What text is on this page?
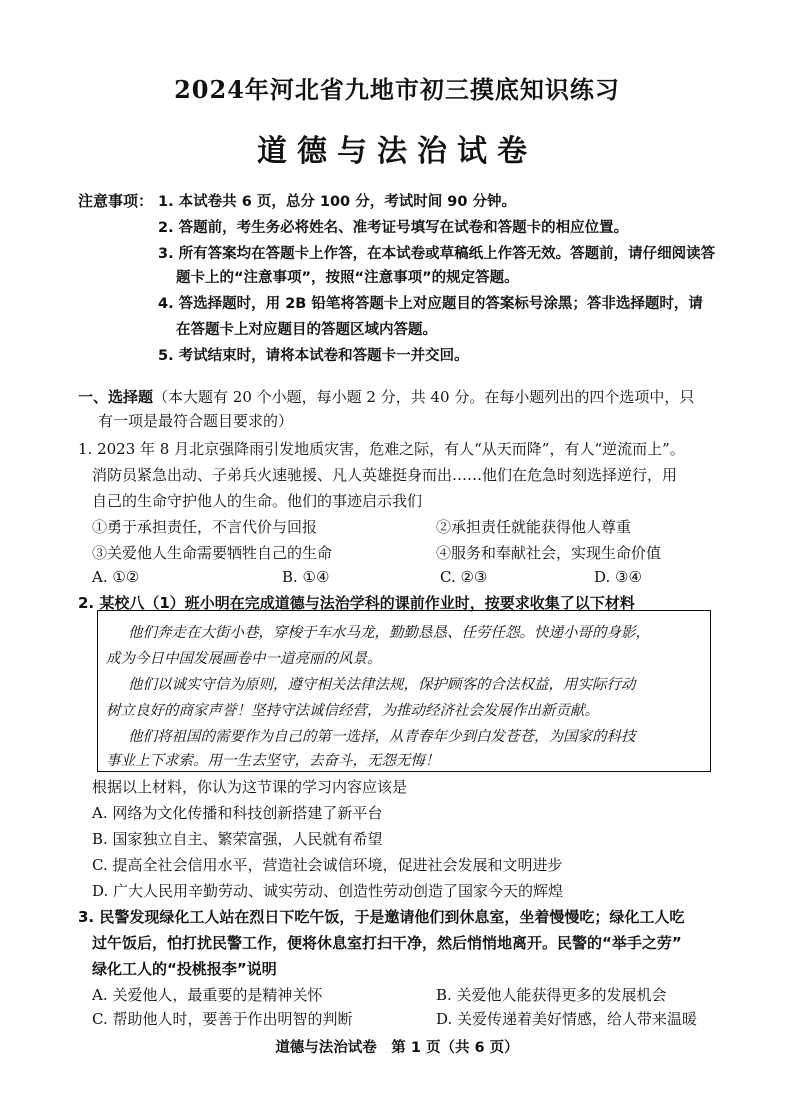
2024年河北省九地市初三摸底知识练习
道德与法治试卷
注意事项： 1. 本试卷共 6 页，总分 100 分，考试时间 90 分钟。
2. 答题前，考生务必将姓名、准考证号填写在试卷和答题卡的相应位置。
3. 所有答案均在答题卡上作答，在本试卷或草稿纸上作答无效。答题前，请仔细阅读答
题卡上的“注意事项”，按照“注意事项”的规定答题。
4. 答选择题时，用 2B 铅笔将答题卡上对应题目的答案标号涂黑；答非选择题时，请
在答题卡上对应题目的答题区域内答题。
5. 考试结束时，请将本试卷和答题卡一并交回。
一、选择题（本大题有 20 个小题，每小题 2 分，共 40 分。在每小题列出的四个选项中，只
有一项是最符合题目要求的）
1. 2023 年 8 月北京强降雨引发地质灾害，危难之际，有人“从天而降”，有人“逆流而上”。
消防员紧急出动、子弟兵火速驰援、凡人英雄挺身而出……他们在危急时刻选择逆行，用
自己的生命守护他人的生命。他们的事迹启示我们
①勇于承担责任，不言代价与回报	②承担责任就能获得他人尊重
③关爱他人生命需要牺牲自己的生命	④服务和奉献社会，实现生命价值
A. ①②	B. ①④	C. ②③	D. ③④
2. 某校八（1）班小明在完成道德与法治学科的课前作业时，按要求收集了以下材料
他们奔走在大街小巷，穿梭于车水马龙，勤勤恳恳、任劳任怨。快递小哥的身影，
成为今日中国发展画卷中一道亮丽的风景。
他们以诚实守信为原则，遵守相关法律法规，保护顾客的合法权益，用实际行动
树立良好的商家声誉！坚持守法诚信经营，为推动经济社会发展作出新贡献。
他们将祖国的需要作为自己的第一选择，从青春年少到白发苍苍，为国家的科技
事业上下求索。用一生去坚守，去奋斗，无怨无悔！
根据以上材料，你认为这节课的学习内容应该是
A. 网络为文化传播和科技创新搭建了新平台
B. 国家独立自主、繁荣富强，人民就有希望
C. 提高全社会信用水平，营造社会诚信环境，促进社会发展和文明进步
D. 广大人民用辛勤劳动、诚实劳动、创造性劳动创造了国家今天的辉煌
3. 民警发现绿化工人站在烈日下吃午饭，于是邀请他们到休息室，坐着慢慢吃；绿化工人吃
过午饭后，怕打扰民警工作，便将休息室打扫干净，然后悄悄地离开。民警的“举手之劳”
绿化工人的“投桃报李”说明
A. 关爱他人，最重要的是精神关怀	B. 关爱他人能获得更多的发展机会
C. 帮助他人时，要善于作出明智的判断	D. 关爱传递着美好情感，给人带来温暖
道德与法治试卷　第 1 页（共 6 页）
